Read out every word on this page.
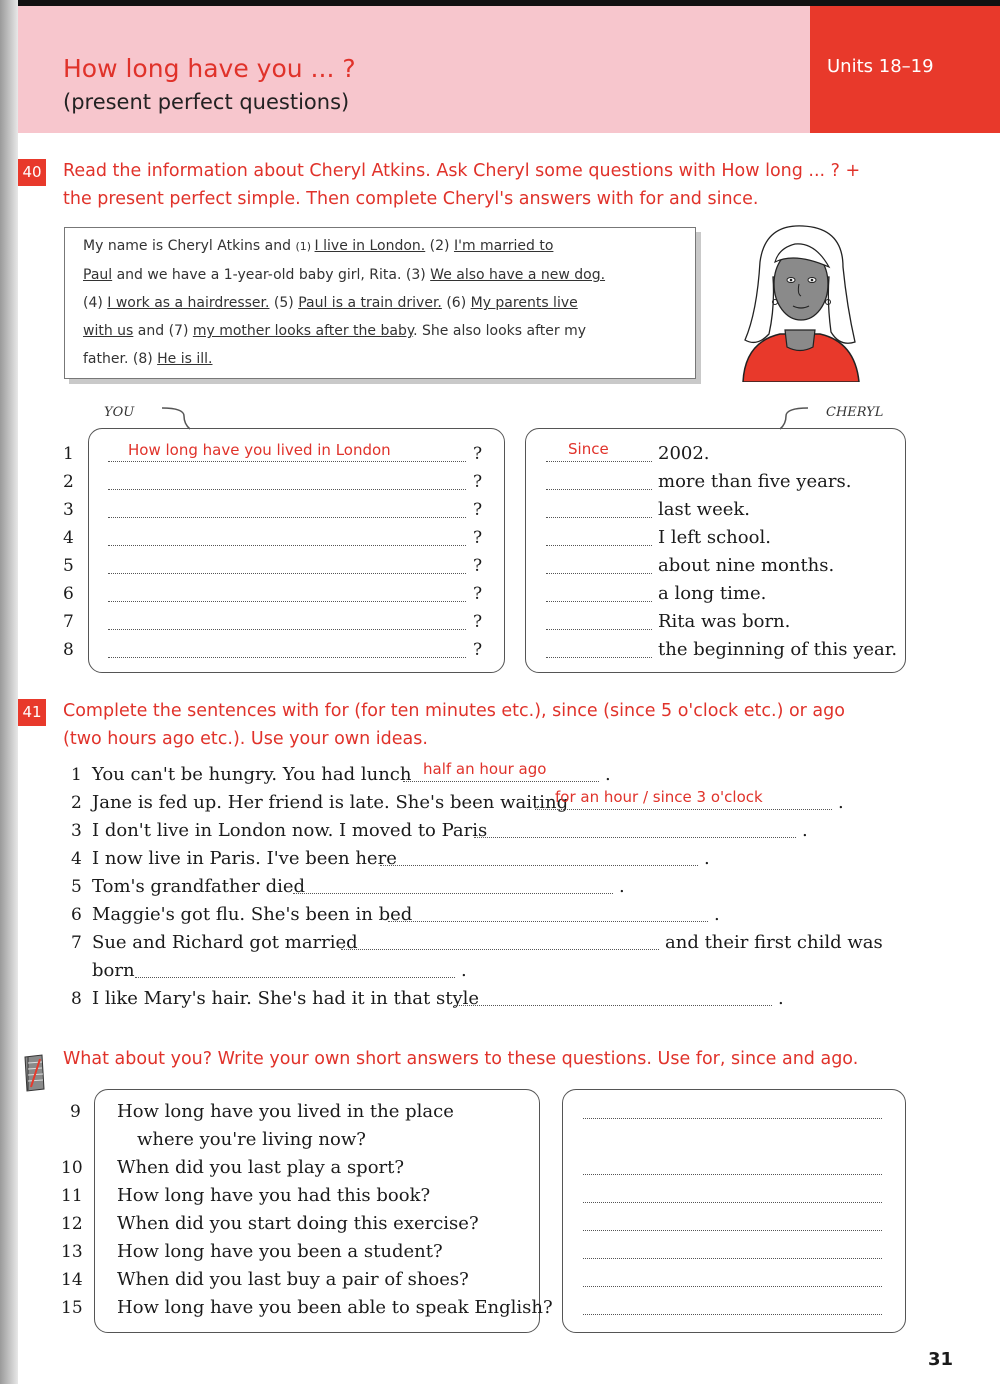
Units 18–19
How long have you ... ?
(present perfect questions)
40 Read the information about Cheryl Atkins. Ask Cheryl some questions with How long ... ? +
the present perfect simple. Then complete Cheryl's answers with for and since.
My name is Cheryl Atkins and (1) I live in London. (2) I'm married to
Paul and we have a 1-year-old baby girl, Rita. (3) We also have a new dog.
(4) I work as a hairdresser. (5) Paul is a train driver. (6) My parents live
with us and (7) my mother looks after the baby. She also looks after my
father. (8) He is ill.
YOU	CHERYL
1	How long have you lived in London	?	Since	2002.
2	?	more than five years.
3	?	last week.
4	?	I left school.
5	?	about nine months.
6	?	a long time.
7	?	Rita was born.
8	?	the beginning of this year.
41 Complete the sentences with for (for ten minutes etc.), since (since 5 o'clock etc.) or ago
(two hours ago etc.). Use your own ideas.
1 You can't be hungry. You had lunch half an hour ago	.
2 Jane is fed up. Her friend is late. She's been waiting
for an hour / since 3 o'clock	.
3 I don't live in London now. I moved to Paris	.
4 I now live in Paris. I've been here	.
5 Tom's grandfather died	.
6 Maggie's got flu. She's been in bed	.
7 Sue and Richard got married	and their first child was
born	.
8 I like Mary's hair. She's had it in that style	.
What about you? Write your own short answers to these questions. Use for, since and ago.
9 How long have you lived in the place
where you're living now?
10 When did you last play a sport?
11 How long have you had this book?
12 When did you start doing this exercise?
13 How long have you been a student?
14 When did you last buy a pair of shoes?
15 How long have you been able to speak English?
31
